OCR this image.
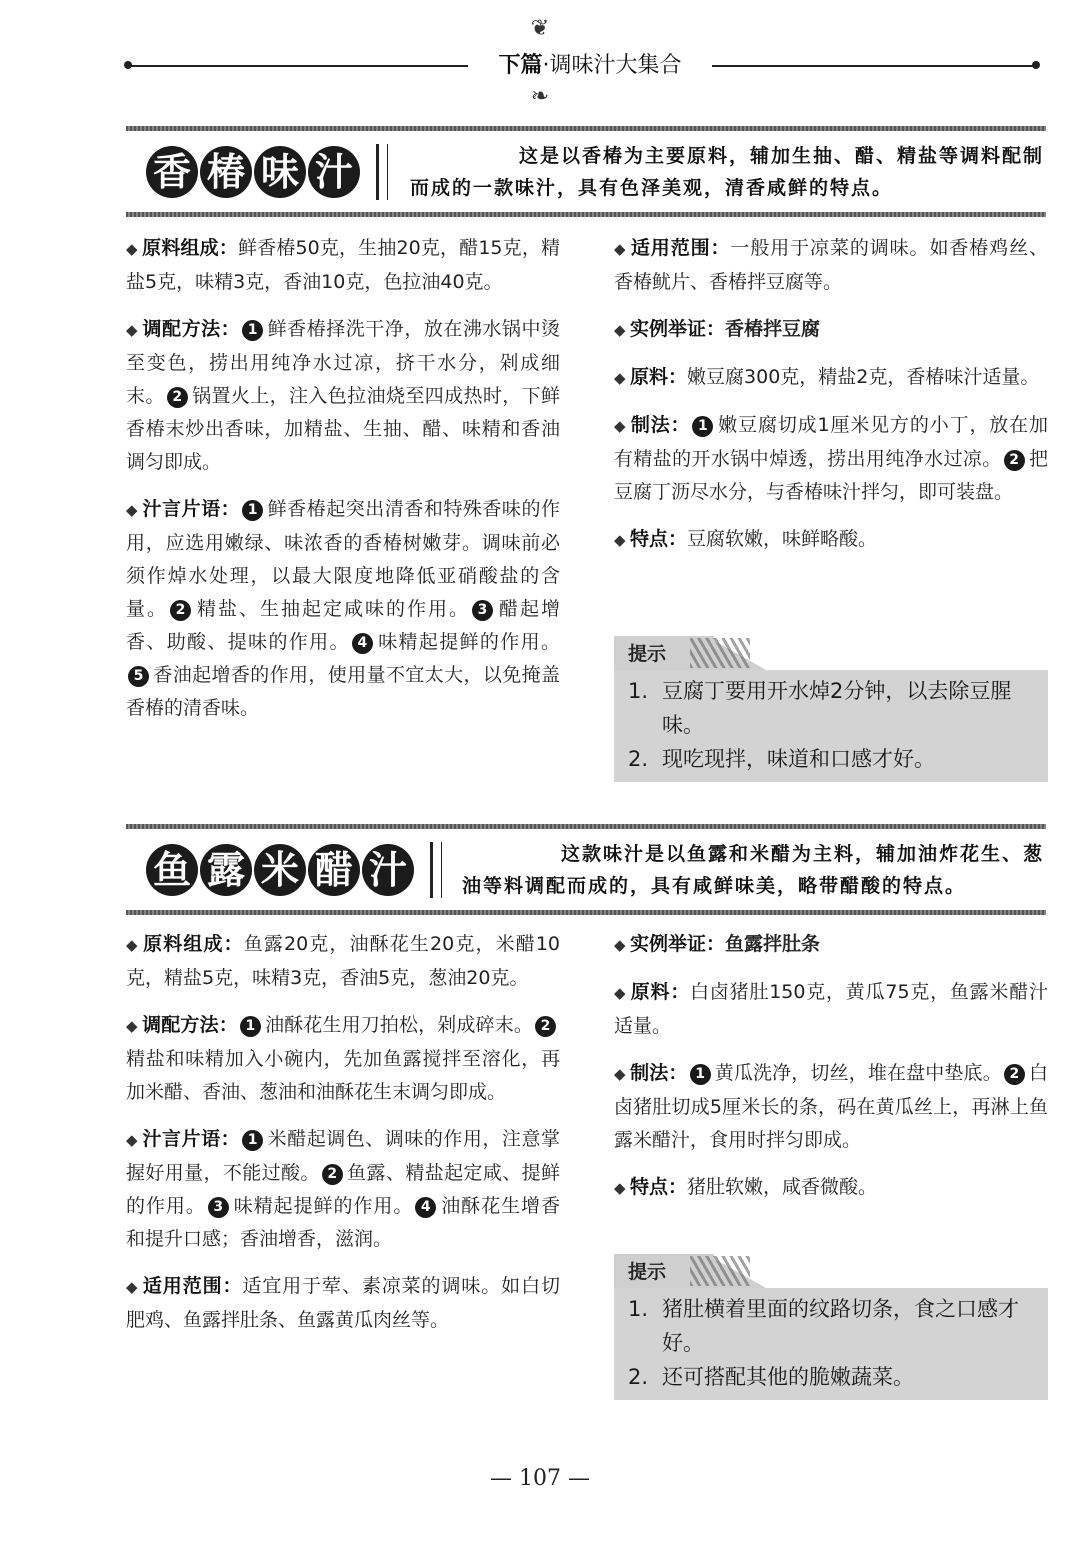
❦
下篇·调味汁大集合
❧
香 椿 味 汁	这是以香椿为主要原料，辅加生抽、醋、精盐等调料配制
而成的一款味汁，具有色泽美观，清香咸鲜的特点。

◆ 原料组成：鲜香椿50克，生抽20克，醋15克，精盐5克，味精3克，香油10克，色拉油40克。

◆ 调配方法： 1 鲜香椿择洗干净，放在沸水锅中烫至变色，捞出用纯净水过凉，挤干水分，剁成细末。 2 锅置火上，注入色拉油烧至四成热时，下鲜香椿末炒出香味，加精盐、生抽、醋、味精和香油调匀即成。

◆ 汁言片语： 1 鲜香椿起突出清香和特殊香味的作用，应选用嫩绿、味浓香的香椿树嫩芽。调味前必须作焯水处理，以最大限度地降低亚硝酸盐的含量。 2 精盐、生抽起定咸味的作用。 3 醋起增香、助酸、提味的作用。 4 味精起提鲜的作用。5 香油起增香的作用，使用量不宜太大，以免掩盖香椿的清香味。

◆ 适用范围：一般用于凉菜的调味。如香椿鸡丝、香椿鱿片、香椿拌豆腐等。

◆ 实例举证：香椿拌豆腐

◆ 原料：嫩豆腐300克，精盐2克，香椿味汁适量。

◆ 制法： 1 嫩豆腐切成1厘米见方的小丁，放在加有精盐的开水锅中焯透，捞出用纯净水过凉。 2 把豆腐丁沥尽水分，与香椿味汁拌匀，即可装盘。

◆ 特点：豆腐软嫩，味鲜略酸。

提示
1. 豆腐丁要用开水焯2分钟，以去除豆腥味。
2. 现吃现拌，味道和口感才好。
鱼 露 米 醋 汁	这款味汁是以鱼露和米醋为主料，辅加油炸花生、葱
油等料调配而成的，具有咸鲜味美，略带醋酸的特点。

◆ 原料组成：鱼露20克，油酥花生20克，米醋10克，精盐5克，味精3克，香油5克，葱油20克。

◆ 调配方法： 1 油酥花生用刀拍松，剁成碎末。 2精盐和味精加入小碗内，先加鱼露搅拌至溶化，再加米醋、香油、葱油和油酥花生末调匀即成。

◆ 汁言片语： 1 米醋起调色、调味的作用，注意掌握好用量，不能过酸。 2 鱼露、精盐起定咸、提鲜的作用。 3 味精起提鲜的作用。 4 油酥花生增香和提升口感；香油增香，滋润。

◆ 适用范围：适宜用于荤、素凉菜的调味。如白切肥鸡、鱼露拌肚条、鱼露黄瓜肉丝等。

◆ 实例举证：鱼露拌肚条

◆ 原料：白卤猪肚150克，黄瓜75克，鱼露米醋汁适量。

◆ 制法： 1 黄瓜洗净，切丝，堆在盘中垫底。 2 白卤猪肚切成5厘米长的条，码在黄瓜丝上，再淋上鱼露米醋汁，食用时拌匀即成。

◆ 特点：猪肚软嫩，咸香微酸。

提示
1. 猪肚横着里面的纹路切条，食之口感才好。
2. 还可搭配其他的脆嫩蔬菜。
— 107 —
